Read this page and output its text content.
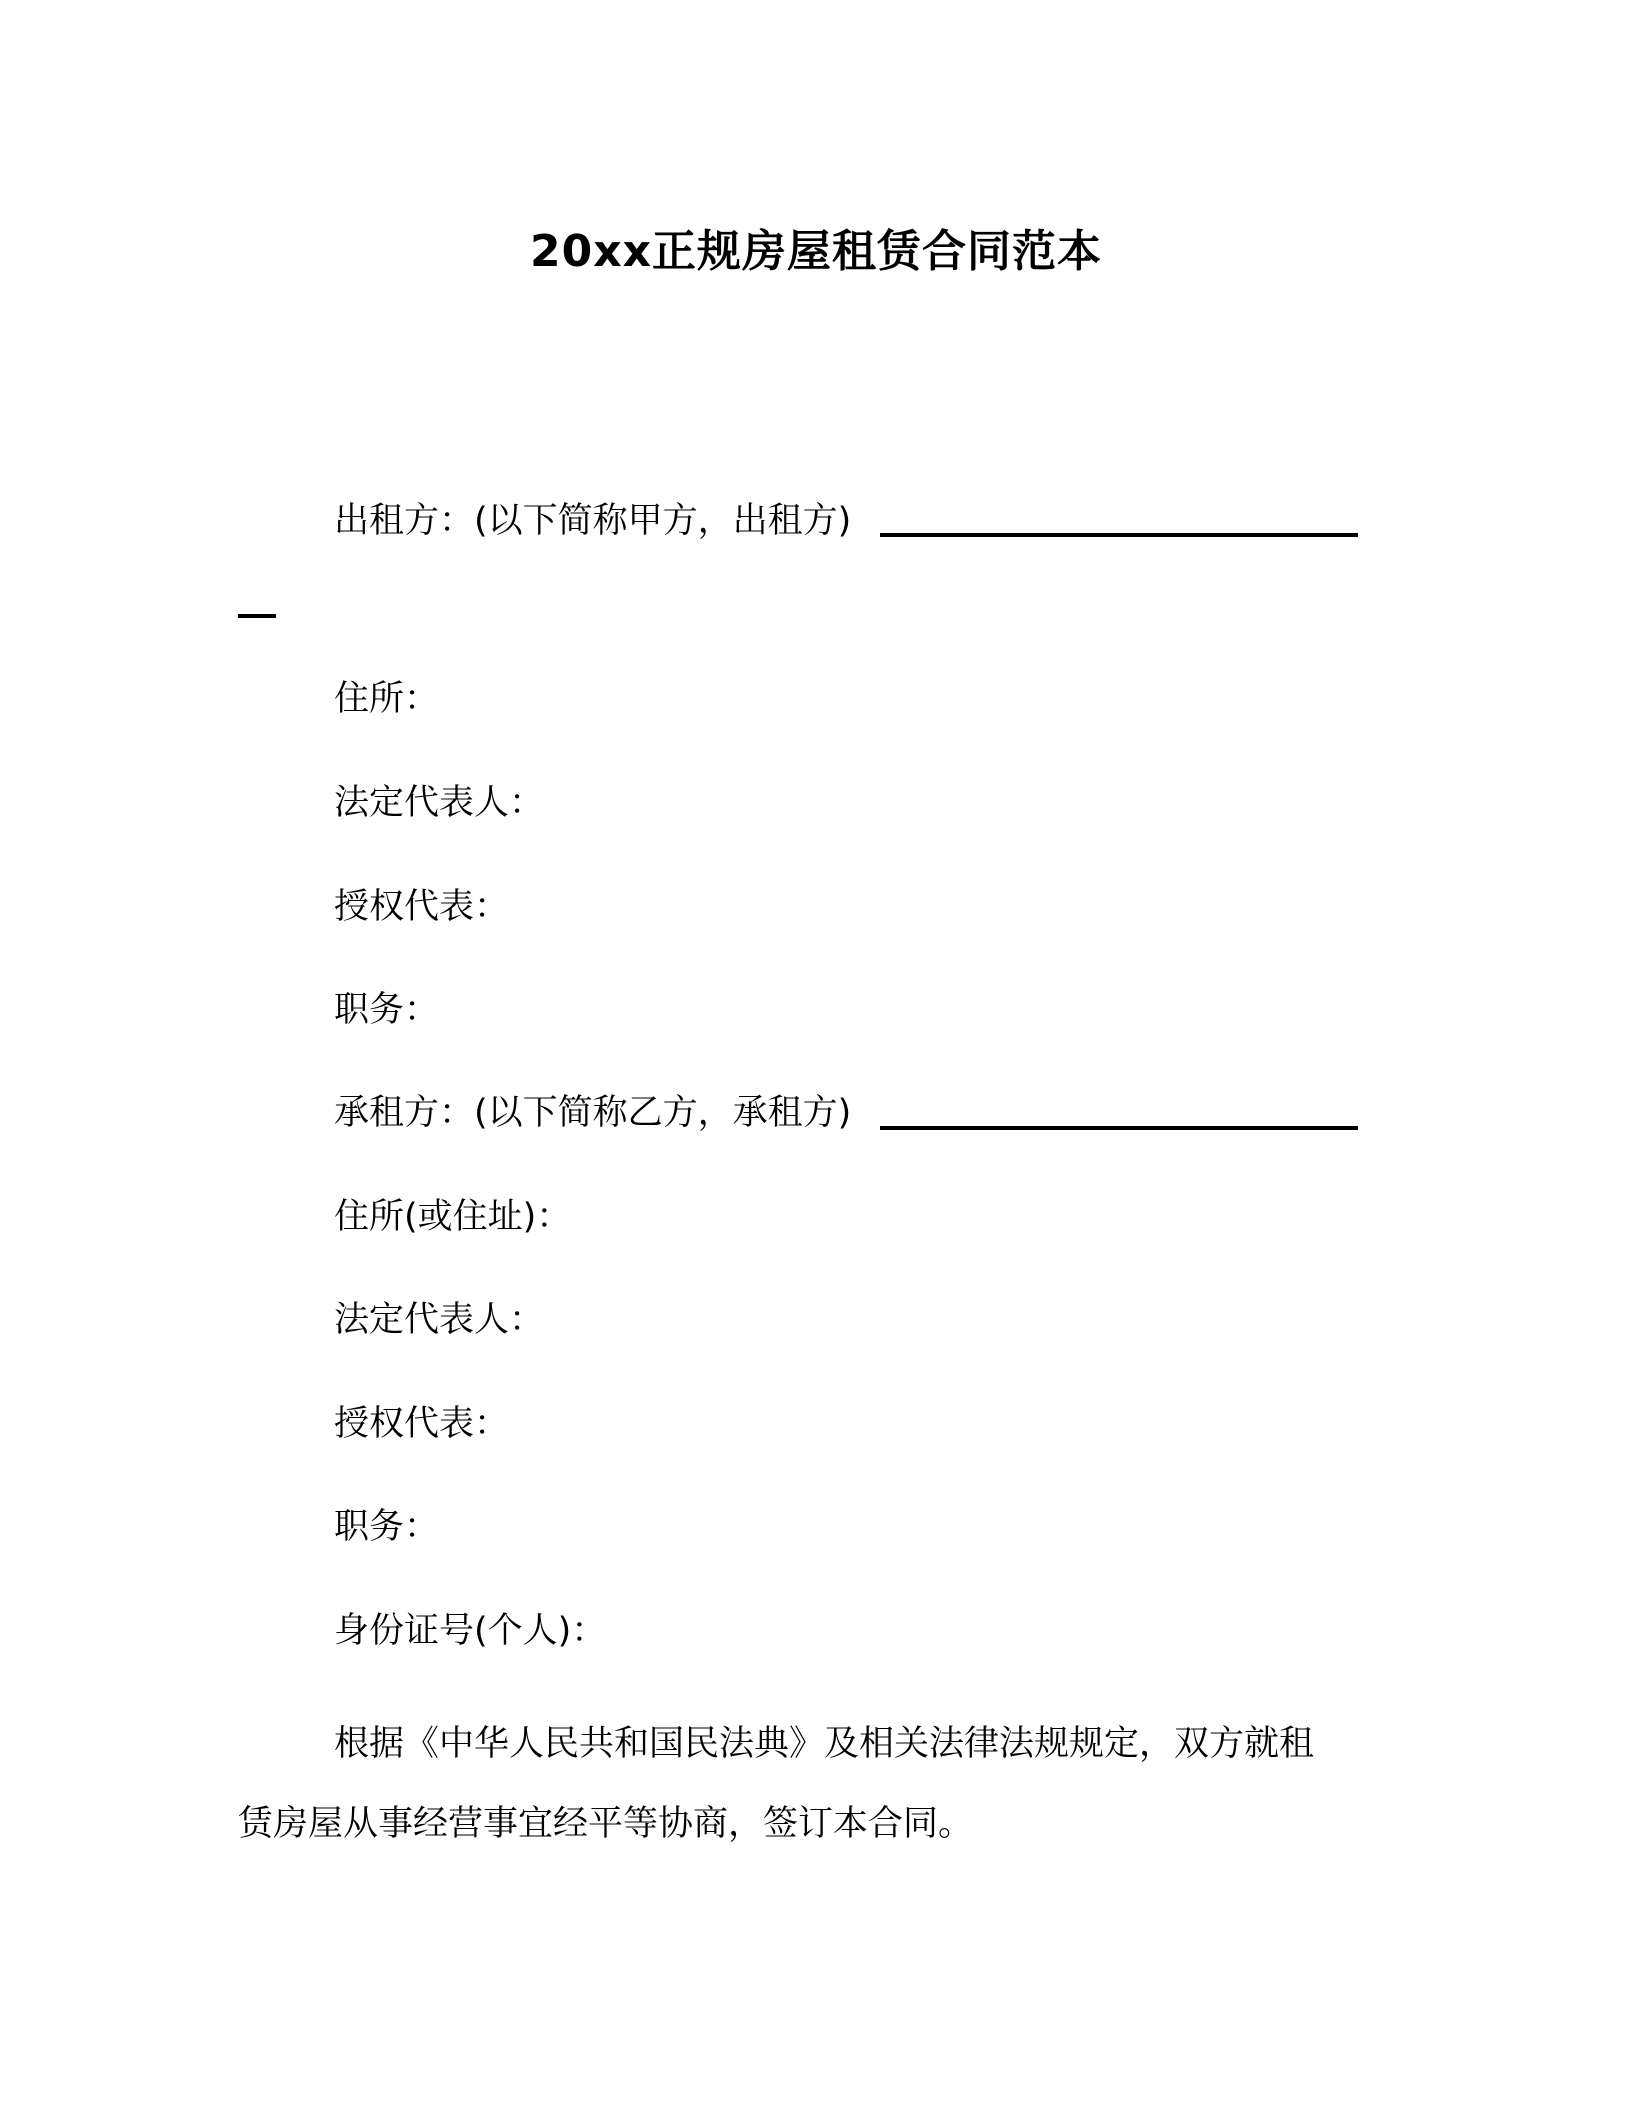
20xx正规房屋租赁合同范本
出租方：(以下简称甲方，出租方)
住所：
法定代表人：
授权代表：
职务：
承租方：(以下简称乙方，承租方)
住所(或住址)：
法定代表人：
授权代表：
职务：
身份证号(个人)：
根据《中华人民共和国民法典》及相关法律法规规定，双方就租
赁房屋从事经营事宜经平等协商，签订本合同。
